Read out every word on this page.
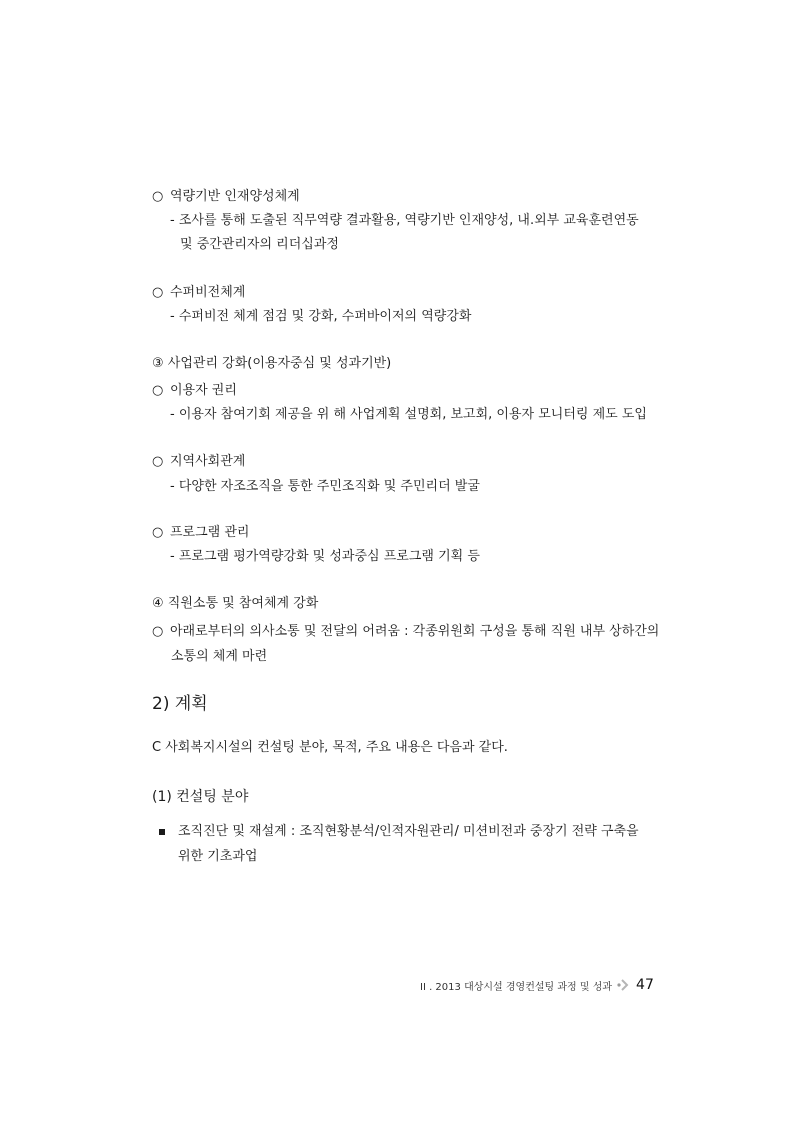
○ 역량기반 인재양성체계
- 조사를 통해 도출된 직무역량 결과활용, 역량기반 인재양성, 내.외부 교육훈련연동
및 중간관리자의 리더십과정
○ 수퍼비전체계
- 수퍼비전 체계 점검 및 강화, 수퍼바이저의 역량강화
③ 사업관리 강화(이용자중심 및 성과기반)
○ 이용자 권리
- 이용자 참여기회 제공을 위 해 사업계획 설명회, 보고회, 이용자 모니터링 제도 도입
○ 지역사회관계
- 다양한 자조조직을 통한 주민조직화 및 주민리더 발굴
○ 프로그램 관리
- 프로그램 평가역량강화 및 성과중심 프로그램 기획 등
④ 직원소통 및 참여체계 강화
○ 아래로부터의 의사소통 및 전달의 어려움 : 각종위원회 구성을 통해 직원 내부 상하간의
소통의 체계 마련
2) 계획
C 사회복지시설의 컨설팅 분야, 목적, 주요 내용은 다음과 같다.
(1) 컨설팅 분야
조직진단 및 재설계 : 조직현황분석/인적자원관리/ 미션비전과 중장기 전략 구축을
위한 기초과업
II . 2013 대상시설 경영컨설팅 과정 및 성과 47
